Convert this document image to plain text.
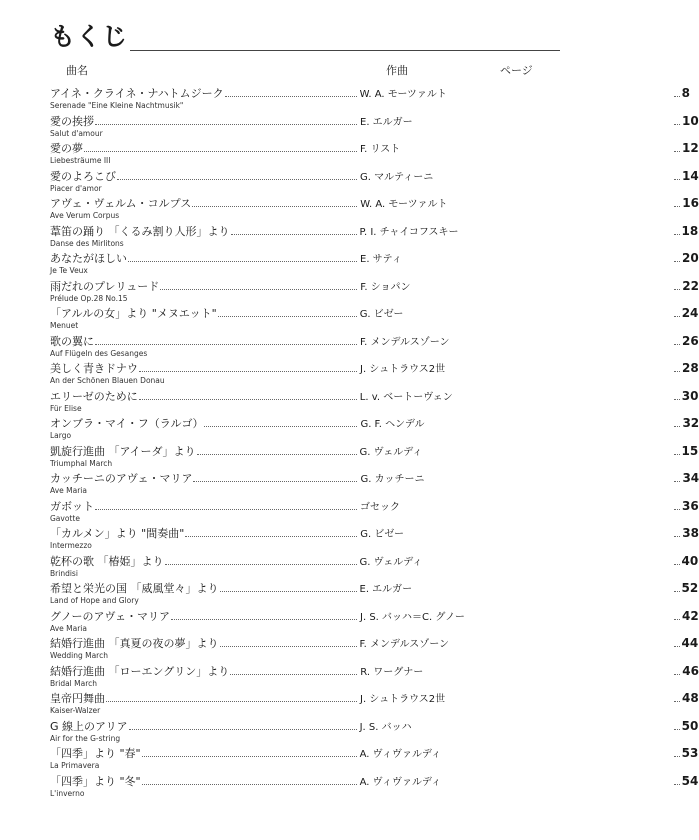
もくじ
曲名	作曲	ページ
アイネ・クライネ・ナハトムジーク	W. A. モーツァルト	8
Serenade "Eine Kleine Nachtmusik"
愛の挨拶	E. エルガー	10
Salut d'amour
愛の夢	F. リスト	12
Liebesträume III
愛のよろこび	G. マルティーニ	14
Piacer d'amor
アヴェ・ヴェルム・コルプス	W. A. モーツァルト	16
Ave Verum Corpus
葦笛の踊り 「くるみ割り人形」より	P. I. チャイコフスキー	18
Danse des Mirlitons
あなたがほしい	E. サティ	20
Je Te Veux
雨だれのプレリュード	F. ショパン	22
Prélude Op.28 No.15
「アルルの女」より "メヌエット"	G. ビゼー	24
Menuet
歌の翼に	F. メンデルスゾーン	26
Auf Flügeln des Gesanges
美しく青きドナウ	J. シュトラウス2世	28
An der Schönen Blauen Donau
エリーゼのために	L. v. ベートーヴェン	30
Für Elise
オンブラ・マイ・フ（ラルゴ）	G. F. ヘンデル	32
Largo
凱旋行進曲 「アイーダ」より	G. ヴェルディ	15
Triumphal March
カッチーニのアヴェ・マリア	G. カッチーニ	34
Ave Maria
ガボット	ゴセック	36
Gavotte
「カルメン」より "間奏曲"	G. ビゼー	38
Intermezzo
乾杯の歌 「椿姫」より	G. ヴェルディ	40
Brindisi
希望と栄光の国 「威風堂々」より	E. エルガー	52
Land of Hope and Glory
グノーのアヴェ・マリア	J. S. バッハ＝C. グノー	42
Ave Maria
結婚行進曲 「真夏の夜の夢」より	F. メンデルスゾーン	44
Wedding March
結婚行進曲 「ローエングリン」より	R. ワーグナー	46
Bridal March
皇帝円舞曲	J. シュトラウス2世	48
Kaiser-Walzer
G 線上のアリア	J. S. バッハ	50
Air for the G-string
「四季」より "春"	A. ヴィヴァルディ	53
La Primavera
「四季」より "冬"	A. ヴィヴァルディ	54
L'inverno
